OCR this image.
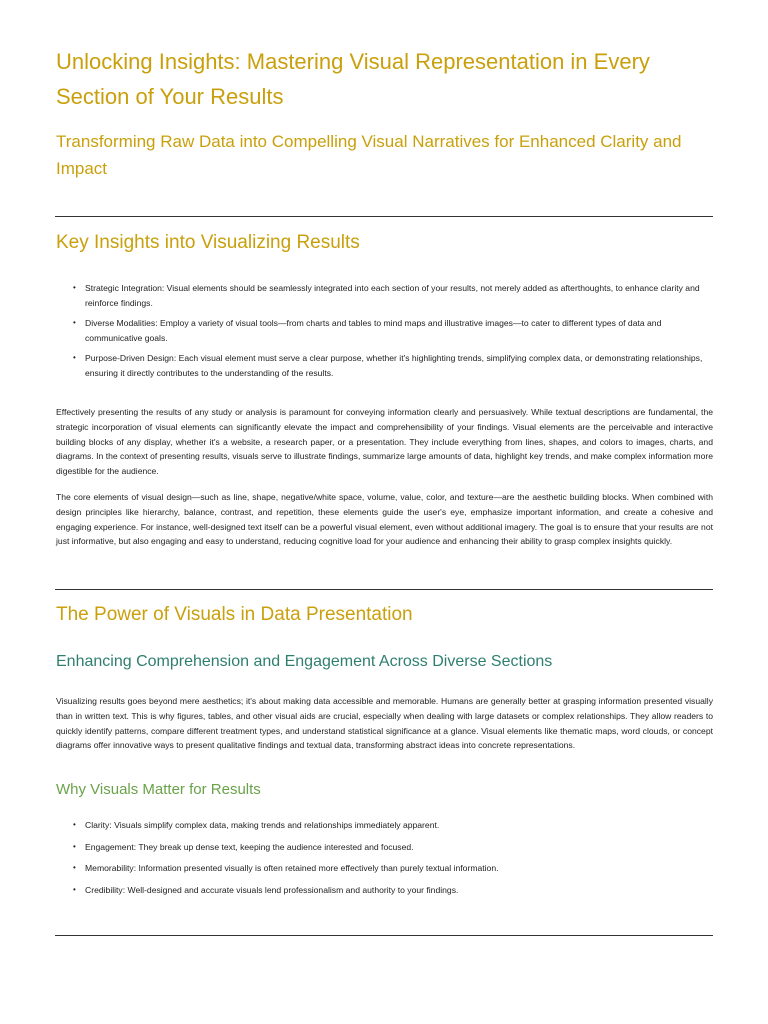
Unlocking Insights: Mastering Visual Representation in Every Section of Your Results
Transforming Raw Data into Compelling Visual Narratives for Enhanced Clarity and Impact
Key Insights into Visualizing Results
• Strategic Integration: Visual elements should be seamlessly integrated into each section of your results, not merely added as afterthoughts, to enhance clarity and reinforce findings.
• Diverse Modalities: Employ a variety of visual tools—from charts and tables to mind maps and illustrative images—to cater to different types of data and communicative goals.
• Purpose-Driven Design: Each visual element must serve a clear purpose, whether it's highlighting trends, simplifying complex data, or demonstrating relationships, ensuring it directly contributes to the understanding of the results.

Effectively presenting the results of any study or analysis is paramount for conveying information clearly and persuasively. While textual descriptions are fundamental, the strategic incorporation of visual elements can significantly elevate the impact and comprehensibility of your findings. Visual elements are the perceivable and interactive building blocks of any display, whether it's a website, a research paper, or a presentation. They include everything from lines, shapes, and colors to images, charts, and diagrams. In the context of presenting results, visuals serve to illustrate findings, summarize large amounts of data, highlight key trends, and make complex information more digestible for the audience.

The core elements of visual design—such as line, shape, negative/white space, volume, value, color, and texture—are the aesthetic building blocks. When combined with design principles like hierarchy, balance, contrast, and repetition, these elements guide the user's eye, emphasize important information, and create a cohesive and engaging experience. For instance, well-designed text itself can be a powerful visual element, even without additional imagery. The goal is to ensure that your results are not just informative, but also engaging and easy to understand, reducing cognitive load for your audience and enhancing their ability to grasp complex insights quickly.

The Power of Visuals in Data Presentation
Enhancing Comprehension and Engagement Across Diverse Sections

Visualizing results goes beyond mere aesthetics; it's about making data accessible and memorable. Humans are generally better at grasping information presented visually than in written text. This is why figures, tables, and other visual aids are crucial, especially when dealing with large datasets or complex relationships. They allow readers to quickly identify patterns, compare different treatment types, and understand statistical significance at a glance. Visual elements like thematic maps, word clouds, or concept diagrams offer innovative ways to present qualitative findings and textual data, transforming abstract ideas into concrete representations.

Why Visuals Matter for Results
• Clarity: Visuals simplify complex data, making trends and relationships immediately apparent.
• Engagement: They break up dense text, keeping the audience interested and focused.
• Memorability: Information presented visually is often retained more effectively than purely textual information.
• Credibility: Well-designed and accurate visuals lend professionalism and authority to your findings.
